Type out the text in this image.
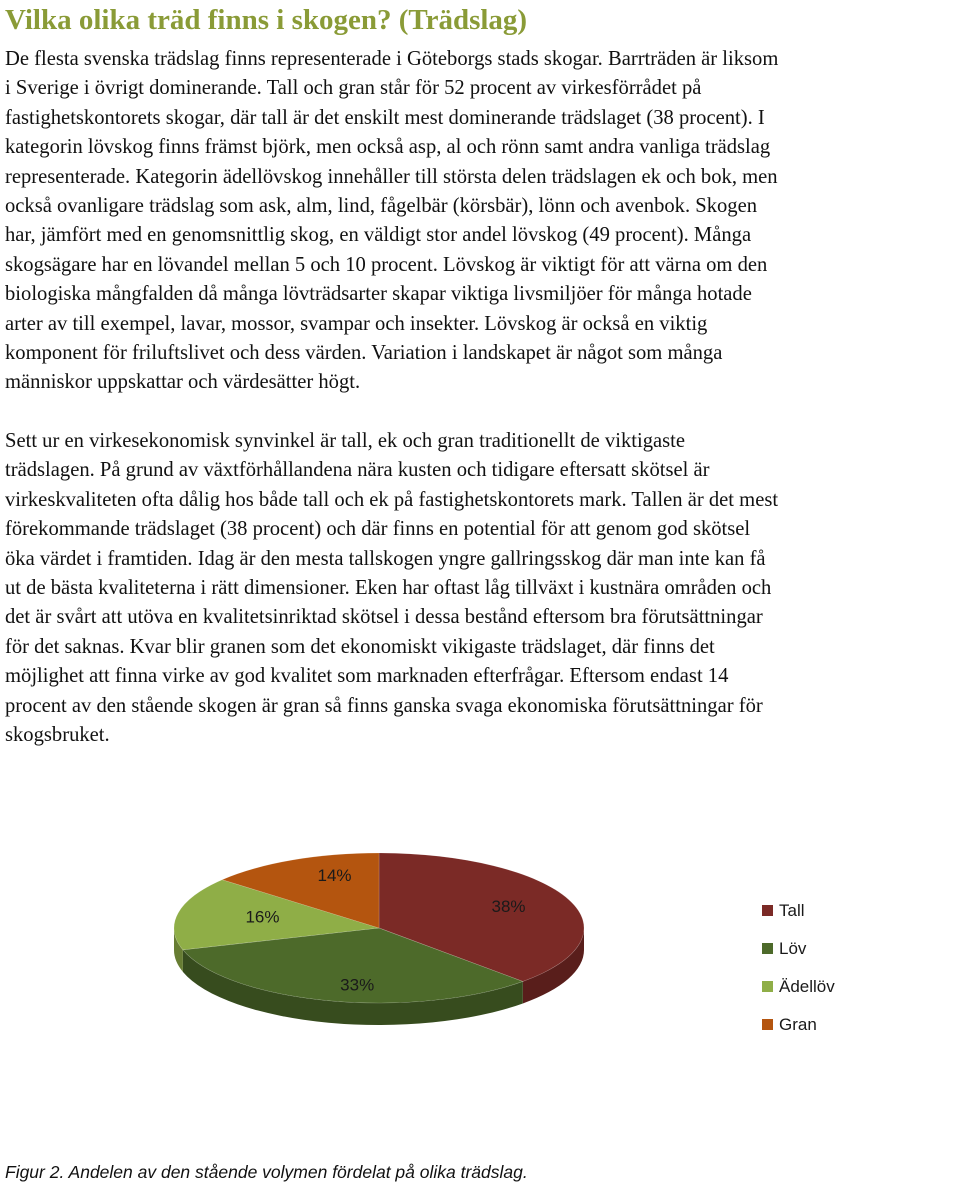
Vilka olika träd finns i skogen? (Trädslag)

De flesta svenska trädslag finns representerade i Göteborgs stads skogar. Barrträden är liksom
i Sverige i övrigt dominerande. Tall och gran står för 52 procent av virkesförrådet på
fastighetskontorets skogar, där tall är det enskilt mest dominerande trädslaget (38 procent). I
kategorin lövskog finns främst björk, men också asp, al och rönn samt andra vanliga trädslag
representerade. Kategorin ädellövskog innehåller till största delen trädslagen ek och bok, men
också ovanligare trädslag som ask, alm, lind, fågelbär (körsbär), lönn och avenbok. Skogen
har, jämfört med en genomsnittlig skog, en väldigt stor andel lövskog (49 procent). Många
skogsägare har en lövandel mellan 5 och 10 procent. Lövskog är viktigt för att värna om den
biologiska mångfalden då många lövträdsarter skapar viktiga livsmiljöer för många hotade
arter av till exempel, lavar, mossor, svampar och insekter. Lövskog är också en viktig
komponent för friluftslivet och dess värden. Variation i landskapet är något som många
människor uppskattar och värdesätter högt.

Sett ur en virkesekonomisk synvinkel är tall, ek och gran traditionellt de viktigaste
trädslagen. På grund av växtförhållandena nära kusten och tidigare eftersatt skötsel är
virkeskvaliteten ofta dålig hos både tall och ek på fastighetskontorets mark. Tallen är det mest
förekommande trädslaget (38 procent) och där finns en potential för att genom god skötsel
öka värdet i framtiden. Idag är den mesta tallskogen yngre gallringsskog där man inte kan få
ut de bästa kvaliteterna i rätt dimensioner. Eken har oftast låg tillväxt i kustnära områden och
det är svårt att utöva en kvalitetsinriktad skötsel i dessa bestånd eftersom bra förutsättningar
för det saknas. Kvar blir granen som det ekonomiskt vikigaste trädslaget, där finns det
möjlighet att finna virke av god kvalitet som marknaden efterfrågar. Eftersom endast 14
procent av den stående skogen är gran så finns ganska svaga ekonomiska förutsättningar för
skogsbruket.

38%
33%
16%
14%
Tall
Löv
Ädellöv
Gran

Figur 2. Andelen av den stående volymen fördelat på olika trädslag.
